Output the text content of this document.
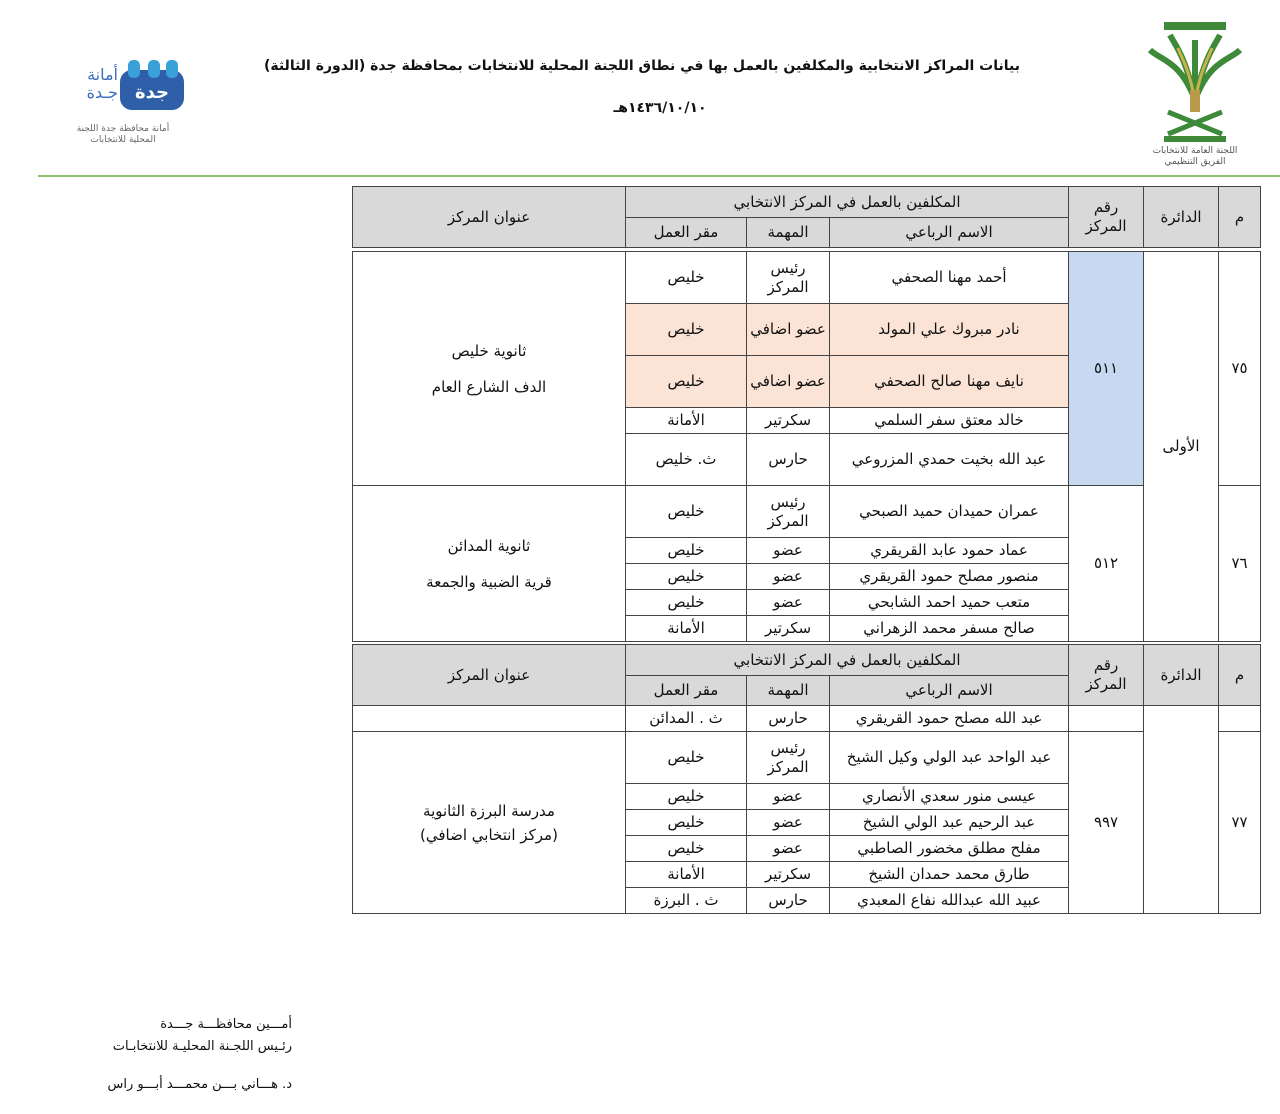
بيانات المراكز الانتخابية والمكلفين بالعمل بها في نطاق اللجنة المحلية للانتخابات بمحافظة جدة (الدورة الثالثة)
١٤٣٦/١٠/١٠هـ
أمانة جـدة جدة
أمانة محافظة جدة اللجنة المحلية للانتخابات
اللجنة العامة للانتخابات الفريق التنظيمي
م	الدائرة	رقم المركز	المكلفين بالعمل في المركز الانتخابي			عنوان المركز
			الاسم الرباعي	المهمة	مقر العمل	

٧٥	الأولى	٥١١	أحمد مهنا الصحفي	رئيس المركز	خليص	ثانوية خليص

الدف الشارع العام

			نادر مبروك علي المولد	عضو اضافي	خليص	
			نايف مهنا صالح الصحفي	عضو اضافي	خليص	
			خالد معتق سفر السلمي	سكرتير	الأمانة	
			عبد الله بخيت حمدي المزروعي	حارس	ث. خليص	
٧٦		٥١٢	عمران حميدان حميد الصبحي	رئيس المركز	خليص	ثانوية المدائن

قرية الضبية والجمعة

			عماد حمود عابد القريقري	عضو	خليص	
			منصور مصلح حمود القريقري	عضو	خليص	
			متعب حميد احمد الشابحي	عضو	خليص	
			صالح مسفر محمد الزهراني	سكرتير	الأمانة	
م	الدائرة	رقم المركز	المكلفين بالعمل في المركز الانتخابي			عنوان المركز
			الاسم الرباعي	المهمة	مقر العمل	
			عبد الله مصلح حمود القريقري	حارس	ث . المدائن	
٧٧		٩٩٧	عبد الواحد عبد الولي وكيل الشيخ	رئيس المركز	خليص	مدرسة البرزة الثانوية
(مركز انتخابي اضافي)

			عيسى منور سعدي الأنصاري	عضو	خليص	
			عبد الرحيم عبد الولي الشيخ	عضو	خليص	
			مفلح مطلق مخضور الصاطبي	عضو	خليص	
			طارق محمد حمدان الشيخ	سكرتير	الأمانة	
			عبيد الله عبدالله نفاع المعبدي	حارس	ث . البرزة	
أمـــين محافظـــة جـــدة
رئـيس اللجـنة المحليـة للانتخابـات
د. هـــاني بـــن محمـــد أبـــو راس
